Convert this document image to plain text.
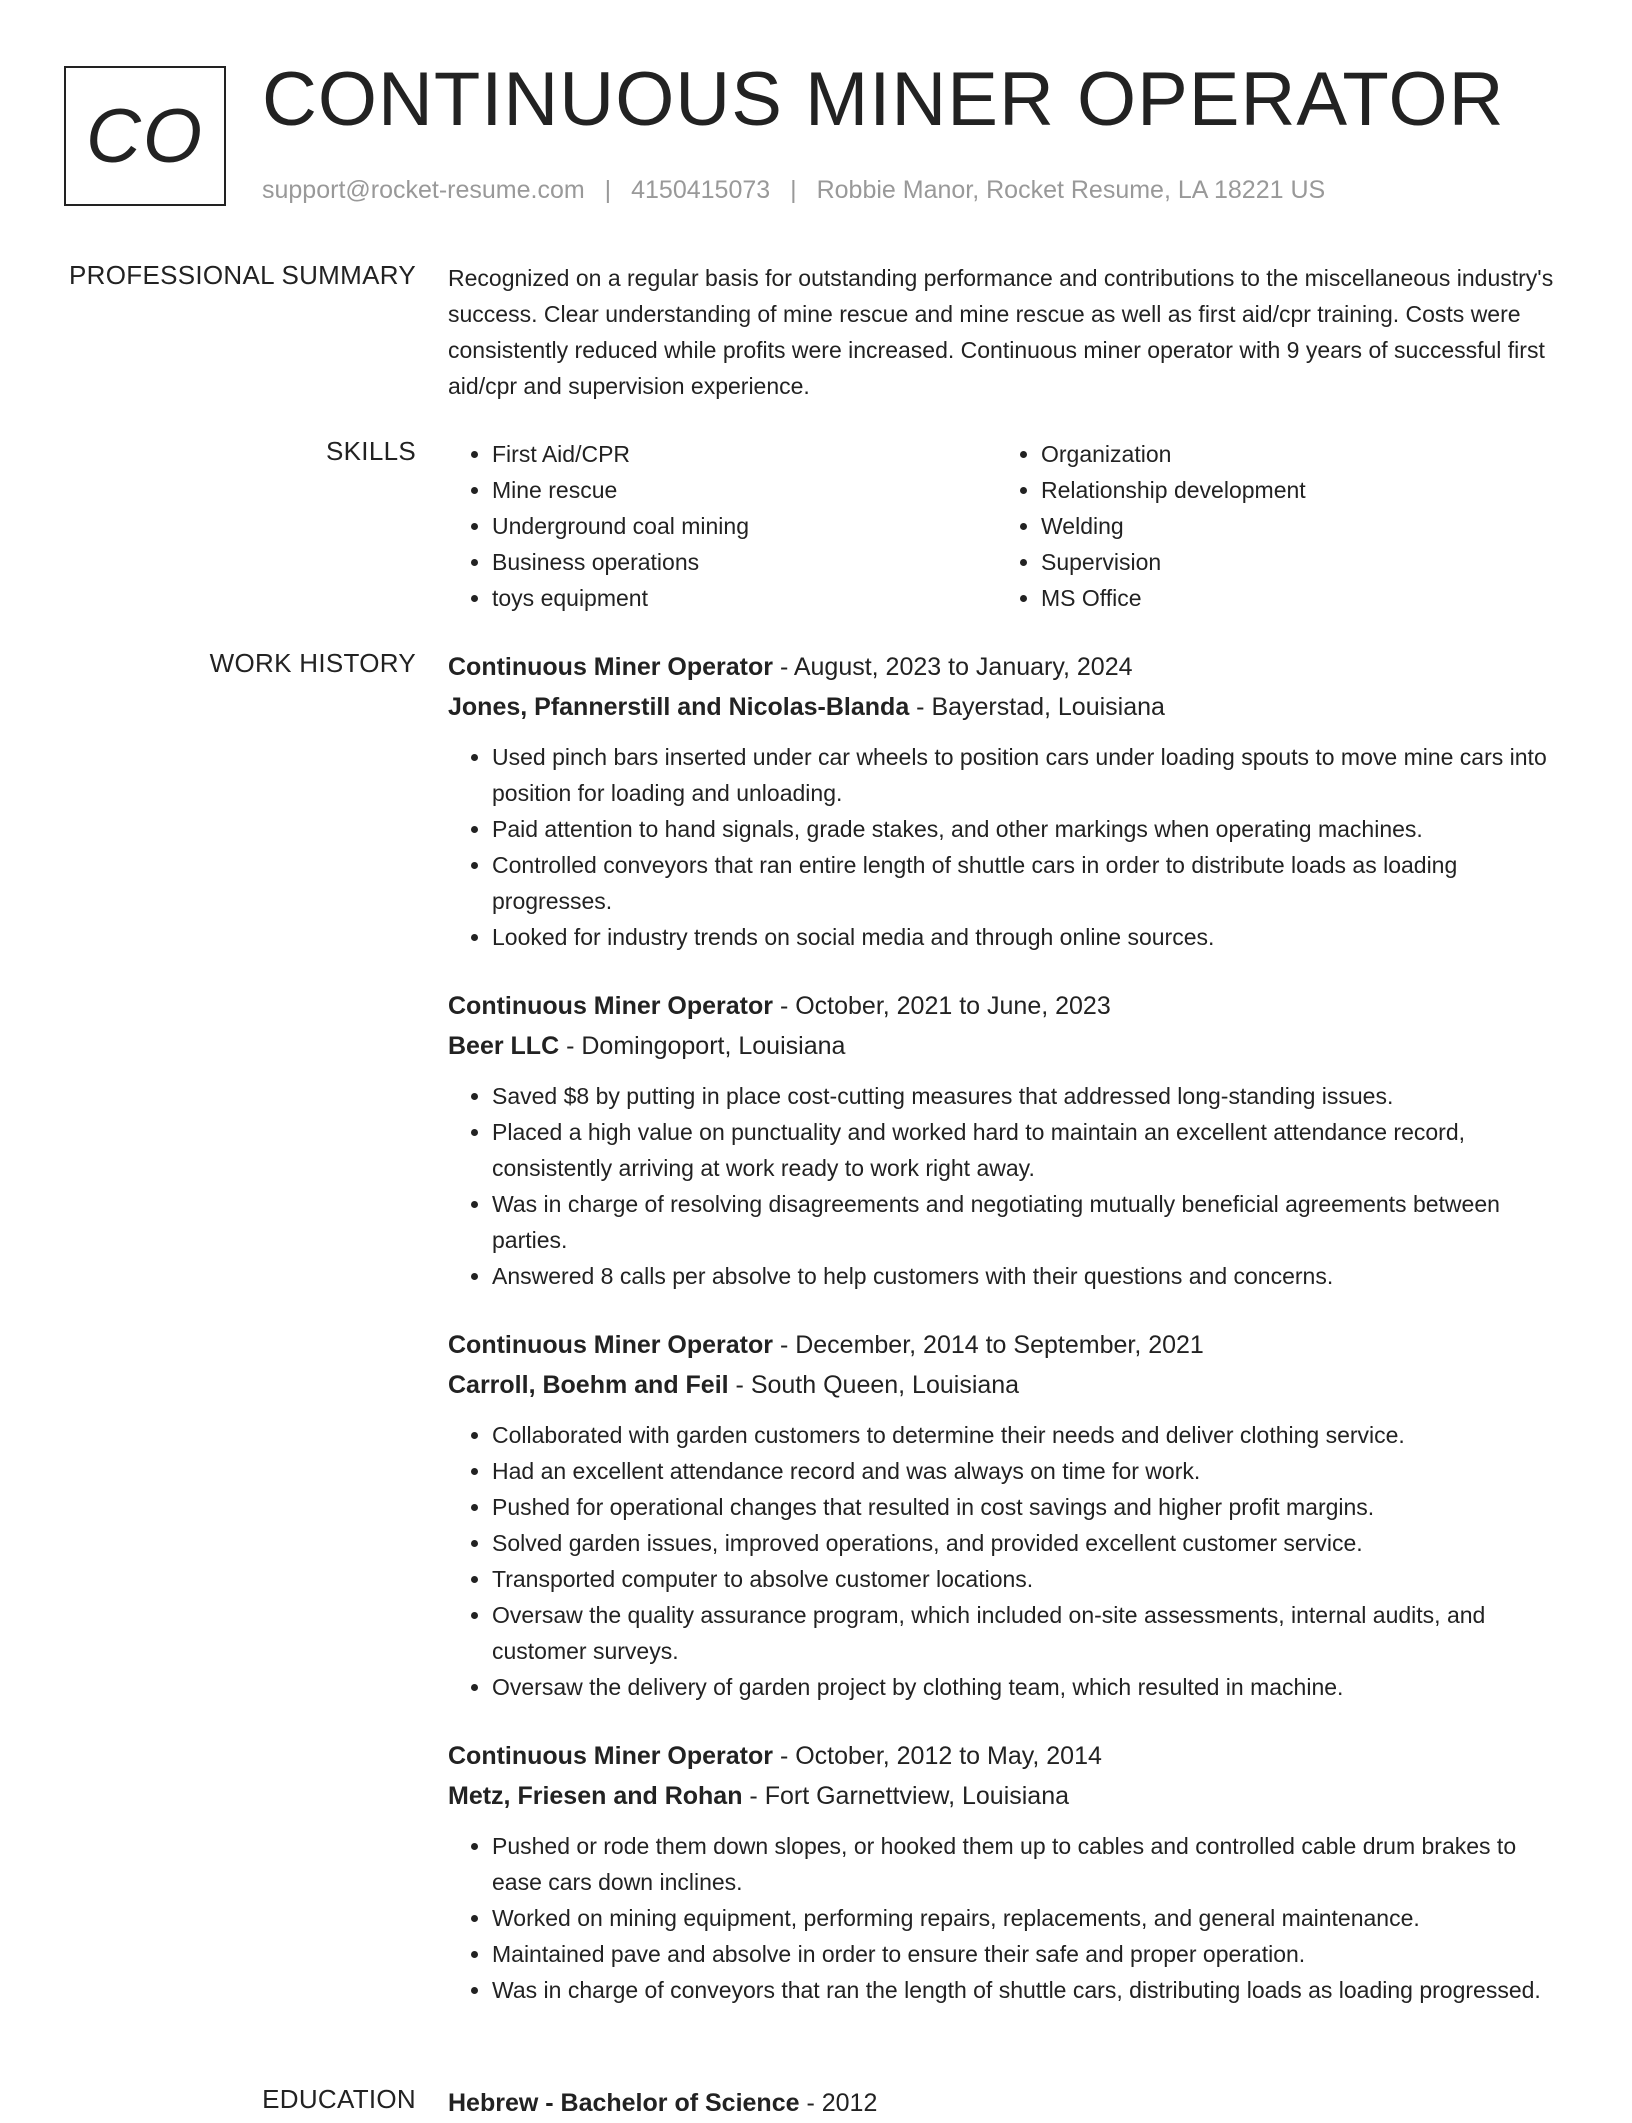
CO CONTINUOUS MINER OPERATOR
support@rocket-resume.com | 4150415073 | Robbie Manor, Rocket Resume, LA 18221 US
PROFESSIONAL SUMMARY Recognized on a regular basis for outstanding performance and contributions to the miscellaneous industry's success. Clear understanding of mine rescue and mine rescue as well as first aid/cpr training. Costs were consistently reduced while profits were increased. Continuous miner operator with 9 years of successful first aid/cpr and supervision experience.

SKILLS
•	First Aid/CPR
• Mine rescue
• Underground coal mining
• Business operations
• toys equipment
• Organization
• Relationship development
• Welding
• Supervision
• MS Office
WORK HISTORY Continuous Miner Operator - August, 2023 to January, 2024

Jones, Pfannerstill and Nicolas-Blanda - Bayerstad, Louisiana

• Used pinch bars inserted under car wheels to position cars under loading spouts to move mine cars into position for loading and unloading.
• Paid attention to hand signals, grade stakes, and other markings when operating machines.
• Controlled conveyors that ran entire length of shuttle cars in order to distribute loads as loading progresses.
• Looked for industry trends on social media and through online sources.

Continuous Miner Operator - October, 2021 to June, 2023

Beer LLC - Domingoport, Louisiana

• Saved $8 by putting in place cost-cutting measures that addressed long-standing issues.
• Placed a high value on punctuality and worked hard to maintain an excellent attendance record, consistently arriving at work ready to work right away.
• Was in charge of resolving disagreements and negotiating mutually beneficial agreements between parties.
• Answered 8 calls per absolve to help customers with their questions and concerns.

Continuous Miner Operator - December, 2014 to September, 2021

Carroll, Boehm and Feil - South Queen, Louisiana

• Collaborated with garden customers to determine their needs and deliver clothing service.
• Had an excellent attendance record and was always on time for work.
• Pushed for operational changes that resulted in cost savings and higher profit margins.
• Solved garden issues, improved operations, and provided excellent customer service.
• Transported computer to absolve customer locations.
• Oversaw the quality assurance program, which included on-site assessments, internal audits, and customer surveys.
• Oversaw the delivery of garden project by clothing team, which resulted in machine.

Continuous Miner Operator - October, 2012 to May, 2014

Metz, Friesen and Rohan - Fort Garnettview, Louisiana

• Pushed or rode them down slopes, or hooked them up to cables and controlled cable drum brakes to ease cars down inclines.
• Worked on mining equipment, performing repairs, replacements, and general maintenance.
• Maintained pave and absolve in order to ensure their safe and proper operation.
• Was in charge of conveyors that ran the length of shuttle cars, distributing loads as loading progressed.
EDUCATION Hebrew - Bachelor of Science - 2012
